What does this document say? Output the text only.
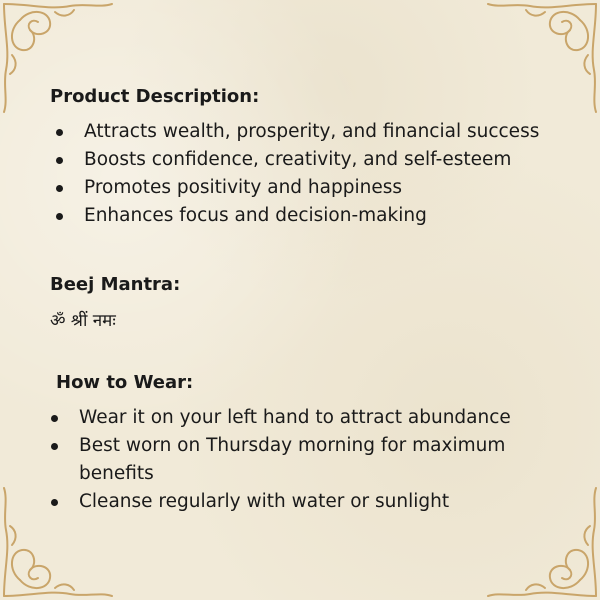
Product Description:
Attracts wealth, prosperity, and financial success
Boosts confidence, creativity, and self-esteem
Promotes positivity and happiness
Enhances focus and decision-making
Beej Mantra:

ॐ श्रीं नमः

How to Wear:
Wear it on your left hand to attract abundance
Best worn on Thursday morning for maximum benefits
Cleanse regularly with water or sunlight
